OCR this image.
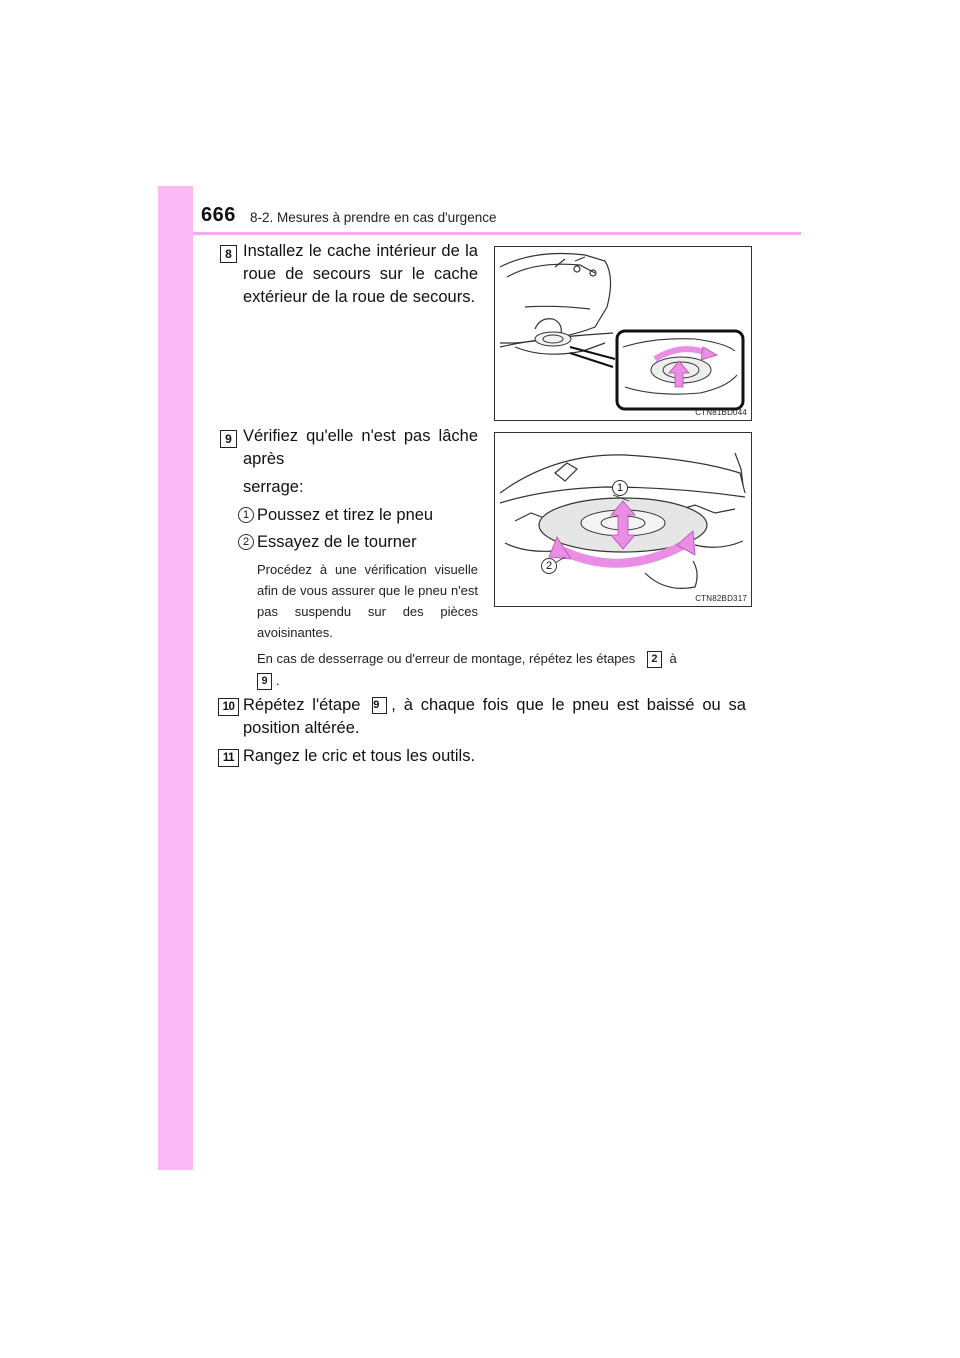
666 8-2. Mesures à prendre en cas d'urgence
8 Installez le cache intérieur de la roue de secours sur le cache extérieur de la roue de secours.
CTN81BD044
9 Vérifiez qu'elle n'est pas lâche après
serrage:
1 Poussez et tirez le pneu
2 Essayez de le tourner
Procédez à une vérification visuelle afin de vous assurer que le pneu n'est pas suspendu sur des pièces avoisinantes.
En cas de desserrage ou d'erreur de montage, répétez les étapes 2 à
9 .
1
2
CTN82BD317
10 Répétez l'étape 9 , à chaque fois que le pneu est baissé ou sa position altérée.
11 Rangez le cric et tous les outils.
